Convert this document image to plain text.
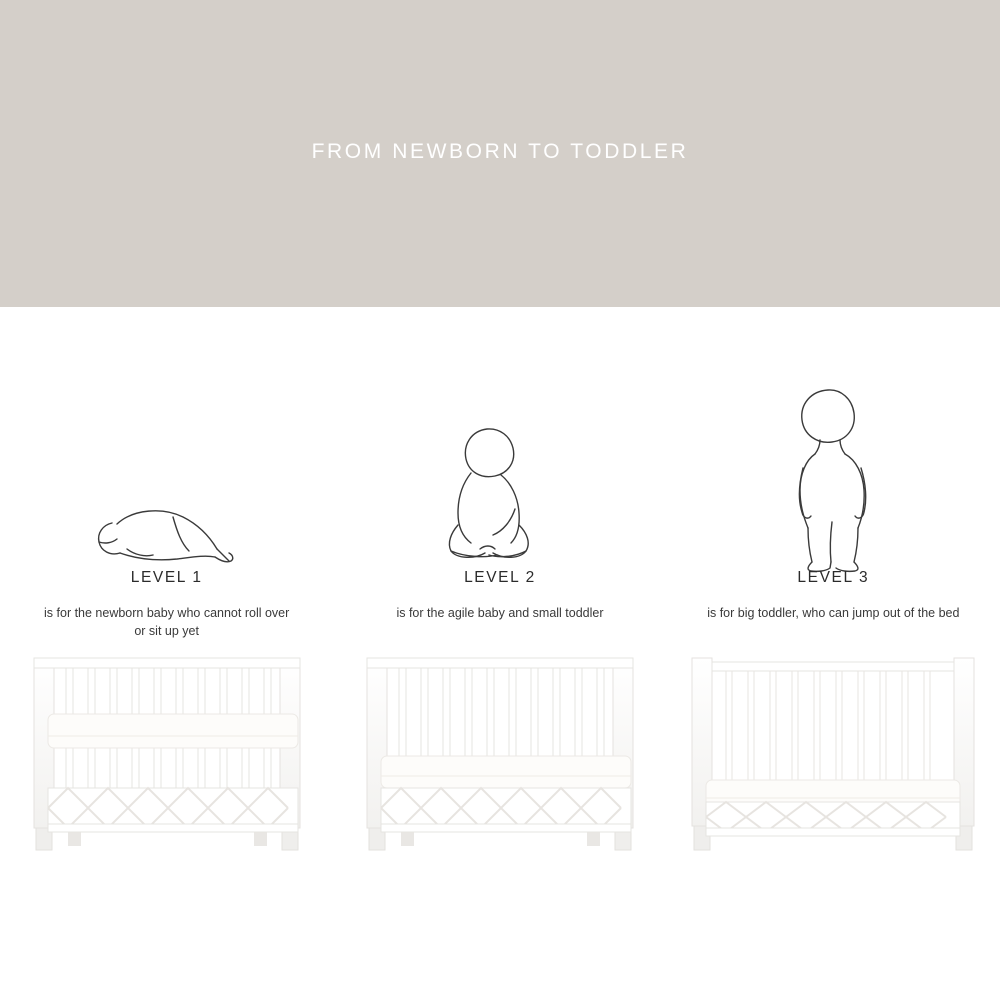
FROM NEWBORN TO TODDLER
LEVEL 1
is for the newborn baby who cannot roll over or sit up yet
LEVEL 2
is for the agile baby and small toddler
LEVEL 3
is for big toddler, who can jump out of the bed
